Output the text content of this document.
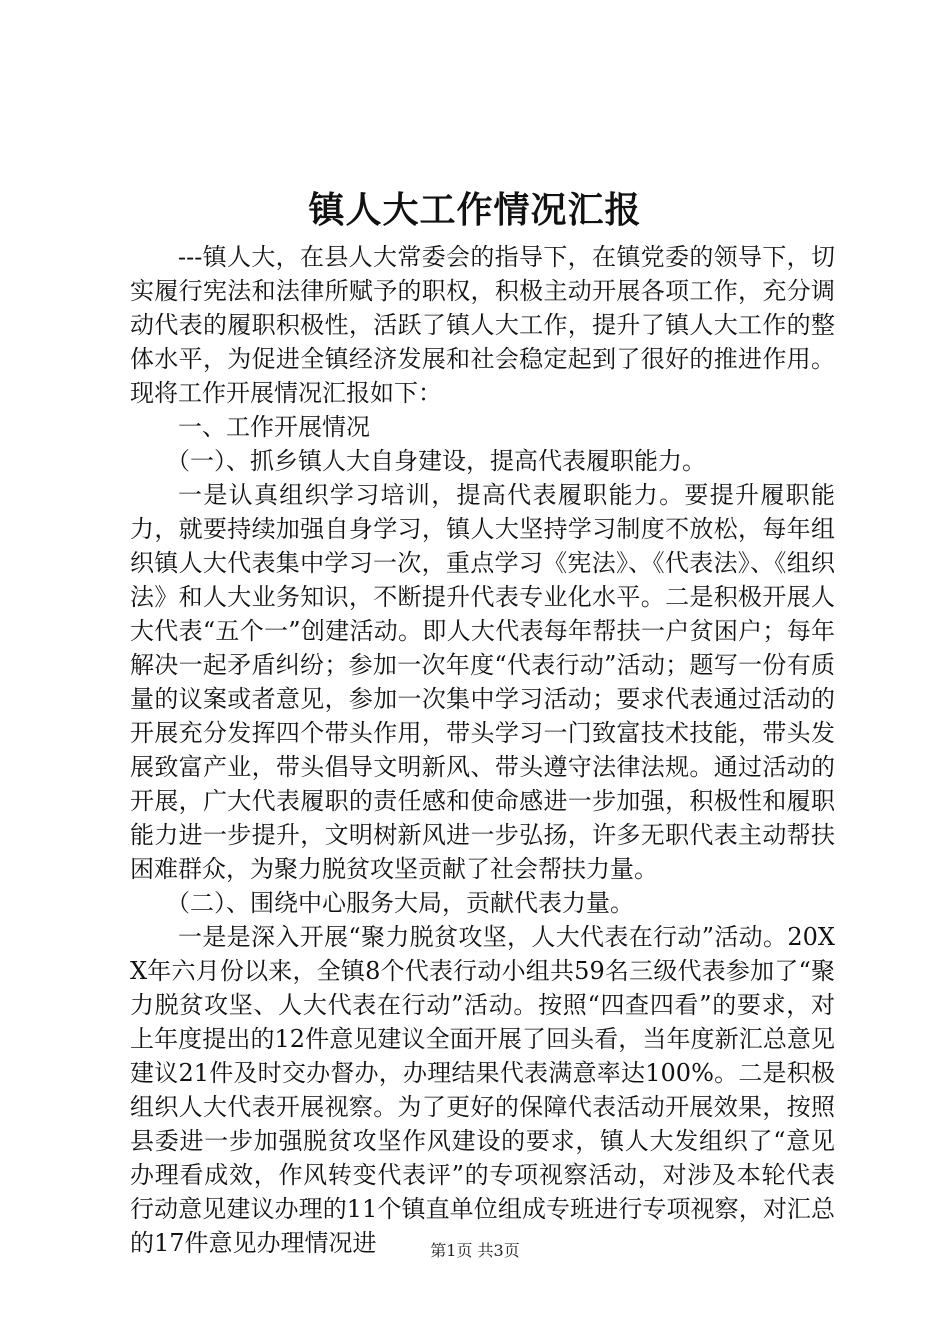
镇人大工作情况汇报

---镇人大，在县人大常委会的指导下，在镇党委的领导下，切实履行宪法和法律所赋予的职权，积极主动开展各项工作，充分调动代表的履职积极性，活跃了镇人大工作，提升了镇人大工作的整体水平，为促进全镇经济发展和社会稳定起到了很好的推进作用。现将工作开展情况汇报如下：

一、工作开展情况

（一）、抓乡镇人大自身建设，提高代表履职能力。

一是认真组织学习培训，提高代表履职能力。要提升履职能力，就要持续加强自身学习，镇人大坚持学习制度不放松，每年组织镇人大代表集中学习一次，重点学习《宪法》、《代表法》、《组织法》和人大业务知识，不断提升代表专业化水平。二是积极开展人大代表“五个一”创建活动。即人大代表每年帮扶一户贫困户；每年解决一起矛盾纠纷；参加一次年度“代表行动”活动；题写一份有质量的议案或者意见，参加一次集中学习活动；要求代表通过活动的开展充分发挥四个带头作用，带头学习一门致富技术技能，带头发展致富产业，带头倡导文明新风、带头遵守法律法规。通过活动的开展，广大代表履职的责任感和使命感进一步加强，积极性和履职能力进一步提升，文明树新风进一步弘扬，许多无职代表主动帮扶困难群众，为聚力脱贫攻坚贡献了社会帮扶力量。

（二）、围绕中心服务大局，贡献代表力量。

一是是深入开展“聚力脱贫攻坚，人大代表在行动”活动。20XX年六月份以来，全镇8个代表行动小组共59名三级代表参加了“聚力脱贫攻坚、人大代表在行动”活动。按照“四查四看”的要求，对上年度提出的12件意见建议全面开展了回头看，当年度新汇总意见建议21件及时交办督办，办理结果代表满意率达100%。二是积极组织人大代表开展视察。为了更好的保障代表活动开展效果，按照县委进一步加强脱贫攻坚作风建设的要求，镇人大发组织了“意见办理看成效，作风转变代表评”的专项视察活动，对涉及本轮代表行动意见建议办理的11个镇直单位组成专班进行专项视察，对汇总的17件意见办理情况进	第1页 共3页
